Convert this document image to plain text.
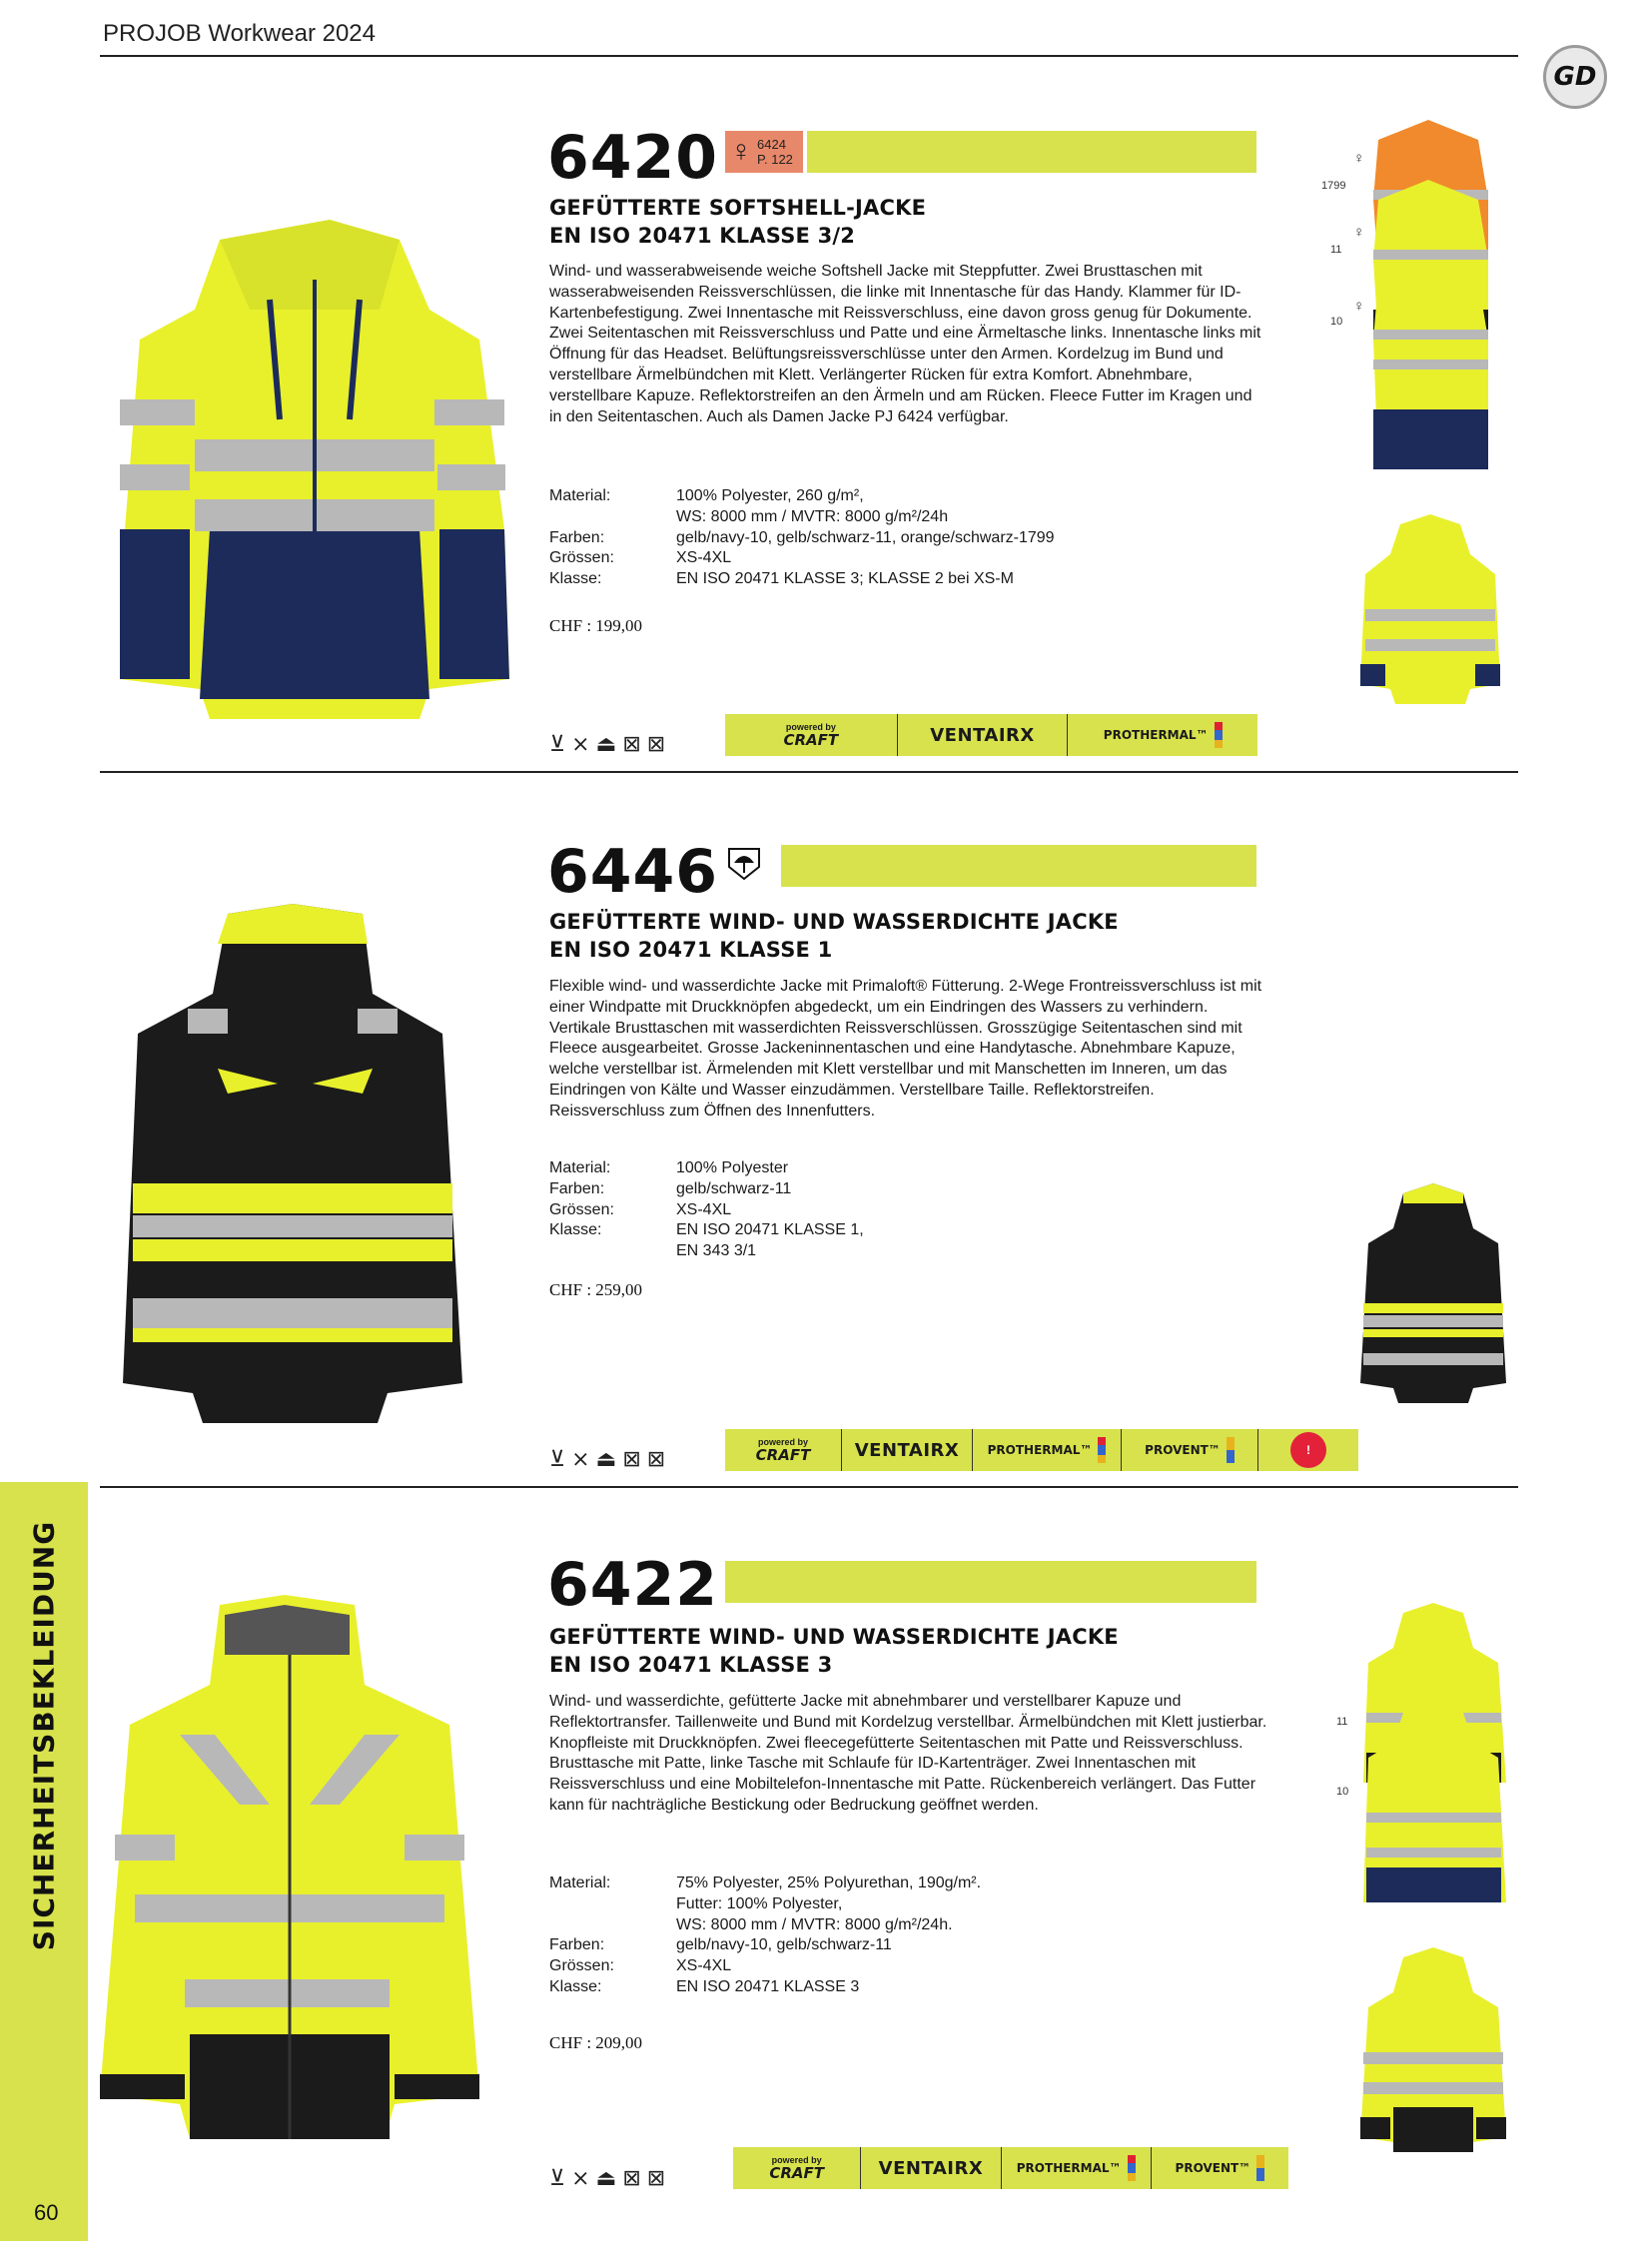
PROJOB Workwear 2024
GD
6420 ♀ 6424
P. 122
GEFÜTTERTE SOFTSHELL-JACKE
EN ISO 20471 KLASSE 3/2
Wind- und wasserabweisende weiche Softshell Jacke mit Steppfutter. Zwei Brusttaschen mit wasserabweisenden Reissverschlüssen, die linke mit Innentasche für das Handy. Klammer für ID-Kartenbefestigung. Zwei Innentasche mit Reissverschluss, eine davon gross genug für Dokumente. Zwei Seitentaschen mit Reissverschluss und Patte und eine Ärmeltasche links. Innentasche links mit Öffnung für das Headset. Belüftungsreissverschlüsse unter den Armen. Kordelzug im Bund und verstellbare Ärmelbündchen mit Klett. Verlängerter Rücken für extra Komfort. Abnehmbare, verstellbare Kapuze. Reflektorstreifen an den Ärmeln und am Rücken. Fleece Futter im Kragen und in den Seitentaschen. Auch als Damen Jacke PJ 6424 verfügbar.
Material:	100% Polyester, 260 g/m²,
WS: 8000 mm / MVTR: 8000 g/m²/24h
Farben:	gelb/navy-10, gelb/schwarz-11, orange/schwarz-1799
Grössen:	XS-4XL
Klasse:	EN ISO 20471 KLASSE 3; KLASSE 2 bei XS-M
CHF : 199,00
⊻ ⨯ ⏏ ⊠ ⊠
powered by
CRAFT	VENTAIRX	PROTHERMAL™
1799
♀
11
♀
10
♀
6446
GEFÜTTERTE WIND- UND WASSERDICHTE JACKE
EN ISO 20471 KLASSE 1
Flexible wind- und wasserdichte Jacke mit Primaloft® Fütterung. 2-Wege Frontreissverschluss ist mit einer Windpatte mit Druckknöpfen abgedeckt, um ein Eindringen des Wassers zu verhindern. Vertikale Brusttaschen mit wasserdichten Reissverschlüssen. Grosszügige Seitentaschen sind mit Fleece ausgearbeitet. Grosse Jackeninnentaschen und eine Handytasche. Abnehmbare Kapuze, welche verstellbar ist. Ärmelenden mit Klett verstellbar und mit Manschetten im Inneren, um das Eindringen von Kälte und Wasser einzudämmen. Verstellbare Taille. Reflektorstreifen. Reissverschluss zum Öffnen des Innenfutters.
Material:	100% Polyester
Farben:	gelb/schwarz-11
Grössen:	XS-4XL
Klasse:	EN ISO 20471 KLASSE 1,
EN 343 3/1
CHF : 259,00
⊻ ⨯ ⏏ ⊠ ⊠
powered by
CRAFT	VENTAIRX	PROTHERMAL™	PROVENT™	!
6422
GEFÜTTERTE WIND- UND WASSERDICHTE JACKE
EN ISO 20471 KLASSE 3
Wind- und wasserdichte, gefütterte Jacke mit abnehmbarer und verstellbarer Kapuze und Reflektortransfer. Taillenweite und Bund mit Kordelzug verstellbar. Ärmelbündchen mit Klett justierbar. Knopfleiste mit Druckknöpfen. Zwei fleecegefütterte Seitentaschen mit Patte und Reissverschluss. Brusttasche mit Patte, linke Tasche mit Schlaufe für ID-Kartenträger. Zwei Innentaschen mit Reissverschluss und eine Mobiltelefon-Innentasche mit Patte. Rückenbereich verlängert. Das Futter kann für nachträgliche Bestickung oder Bedruckung geöffnet werden.
Material:	75% Polyester, 25% Polyurethan, 190g/m².
Futter: 100% Polyester,
WS: 8000 mm / MVTR: 8000 g/m²/24h.
Farben:	gelb/navy-10, gelb/schwarz-11
Grössen:	XS-4XL
Klasse:	EN ISO 20471 KLASSE 3
CHF : 209,00
⊻ ⨯ ⏏ ⊠ ⊠
powered by
CRAFT	VENTAIRX	PROTHERMAL™	PROVENT™
11
10
SICHERHEITSBEKLEIDUNG
60
